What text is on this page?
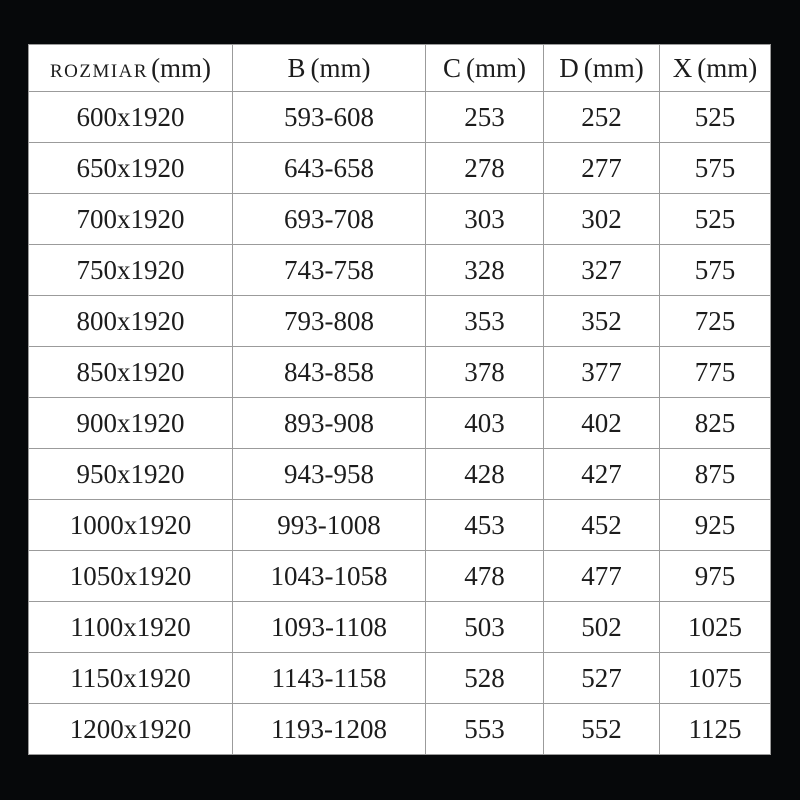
ROZMIAR (mm)	B (mm)	C (mm)	D (mm)	X (mm)
600x1920	593-608	253	252	525
650x1920	643-658	278	277	575
700x1920	693-708	303	302	525
750x1920	743-758	328	327	575
800x1920	793-808	353	352	725
850x1920	843-858	378	377	775
900x1920	893-908	403	402	825
950x1920	943-958	428	427	875
1000x1920	993-1008	453	452	925
1050x1920	1043-1058	478	477	975
1100x1920	1093-1108	503	502	1025
1150x1920	1143-1158	528	527	1075
1200x1920	1193-1208	553	552	1125
